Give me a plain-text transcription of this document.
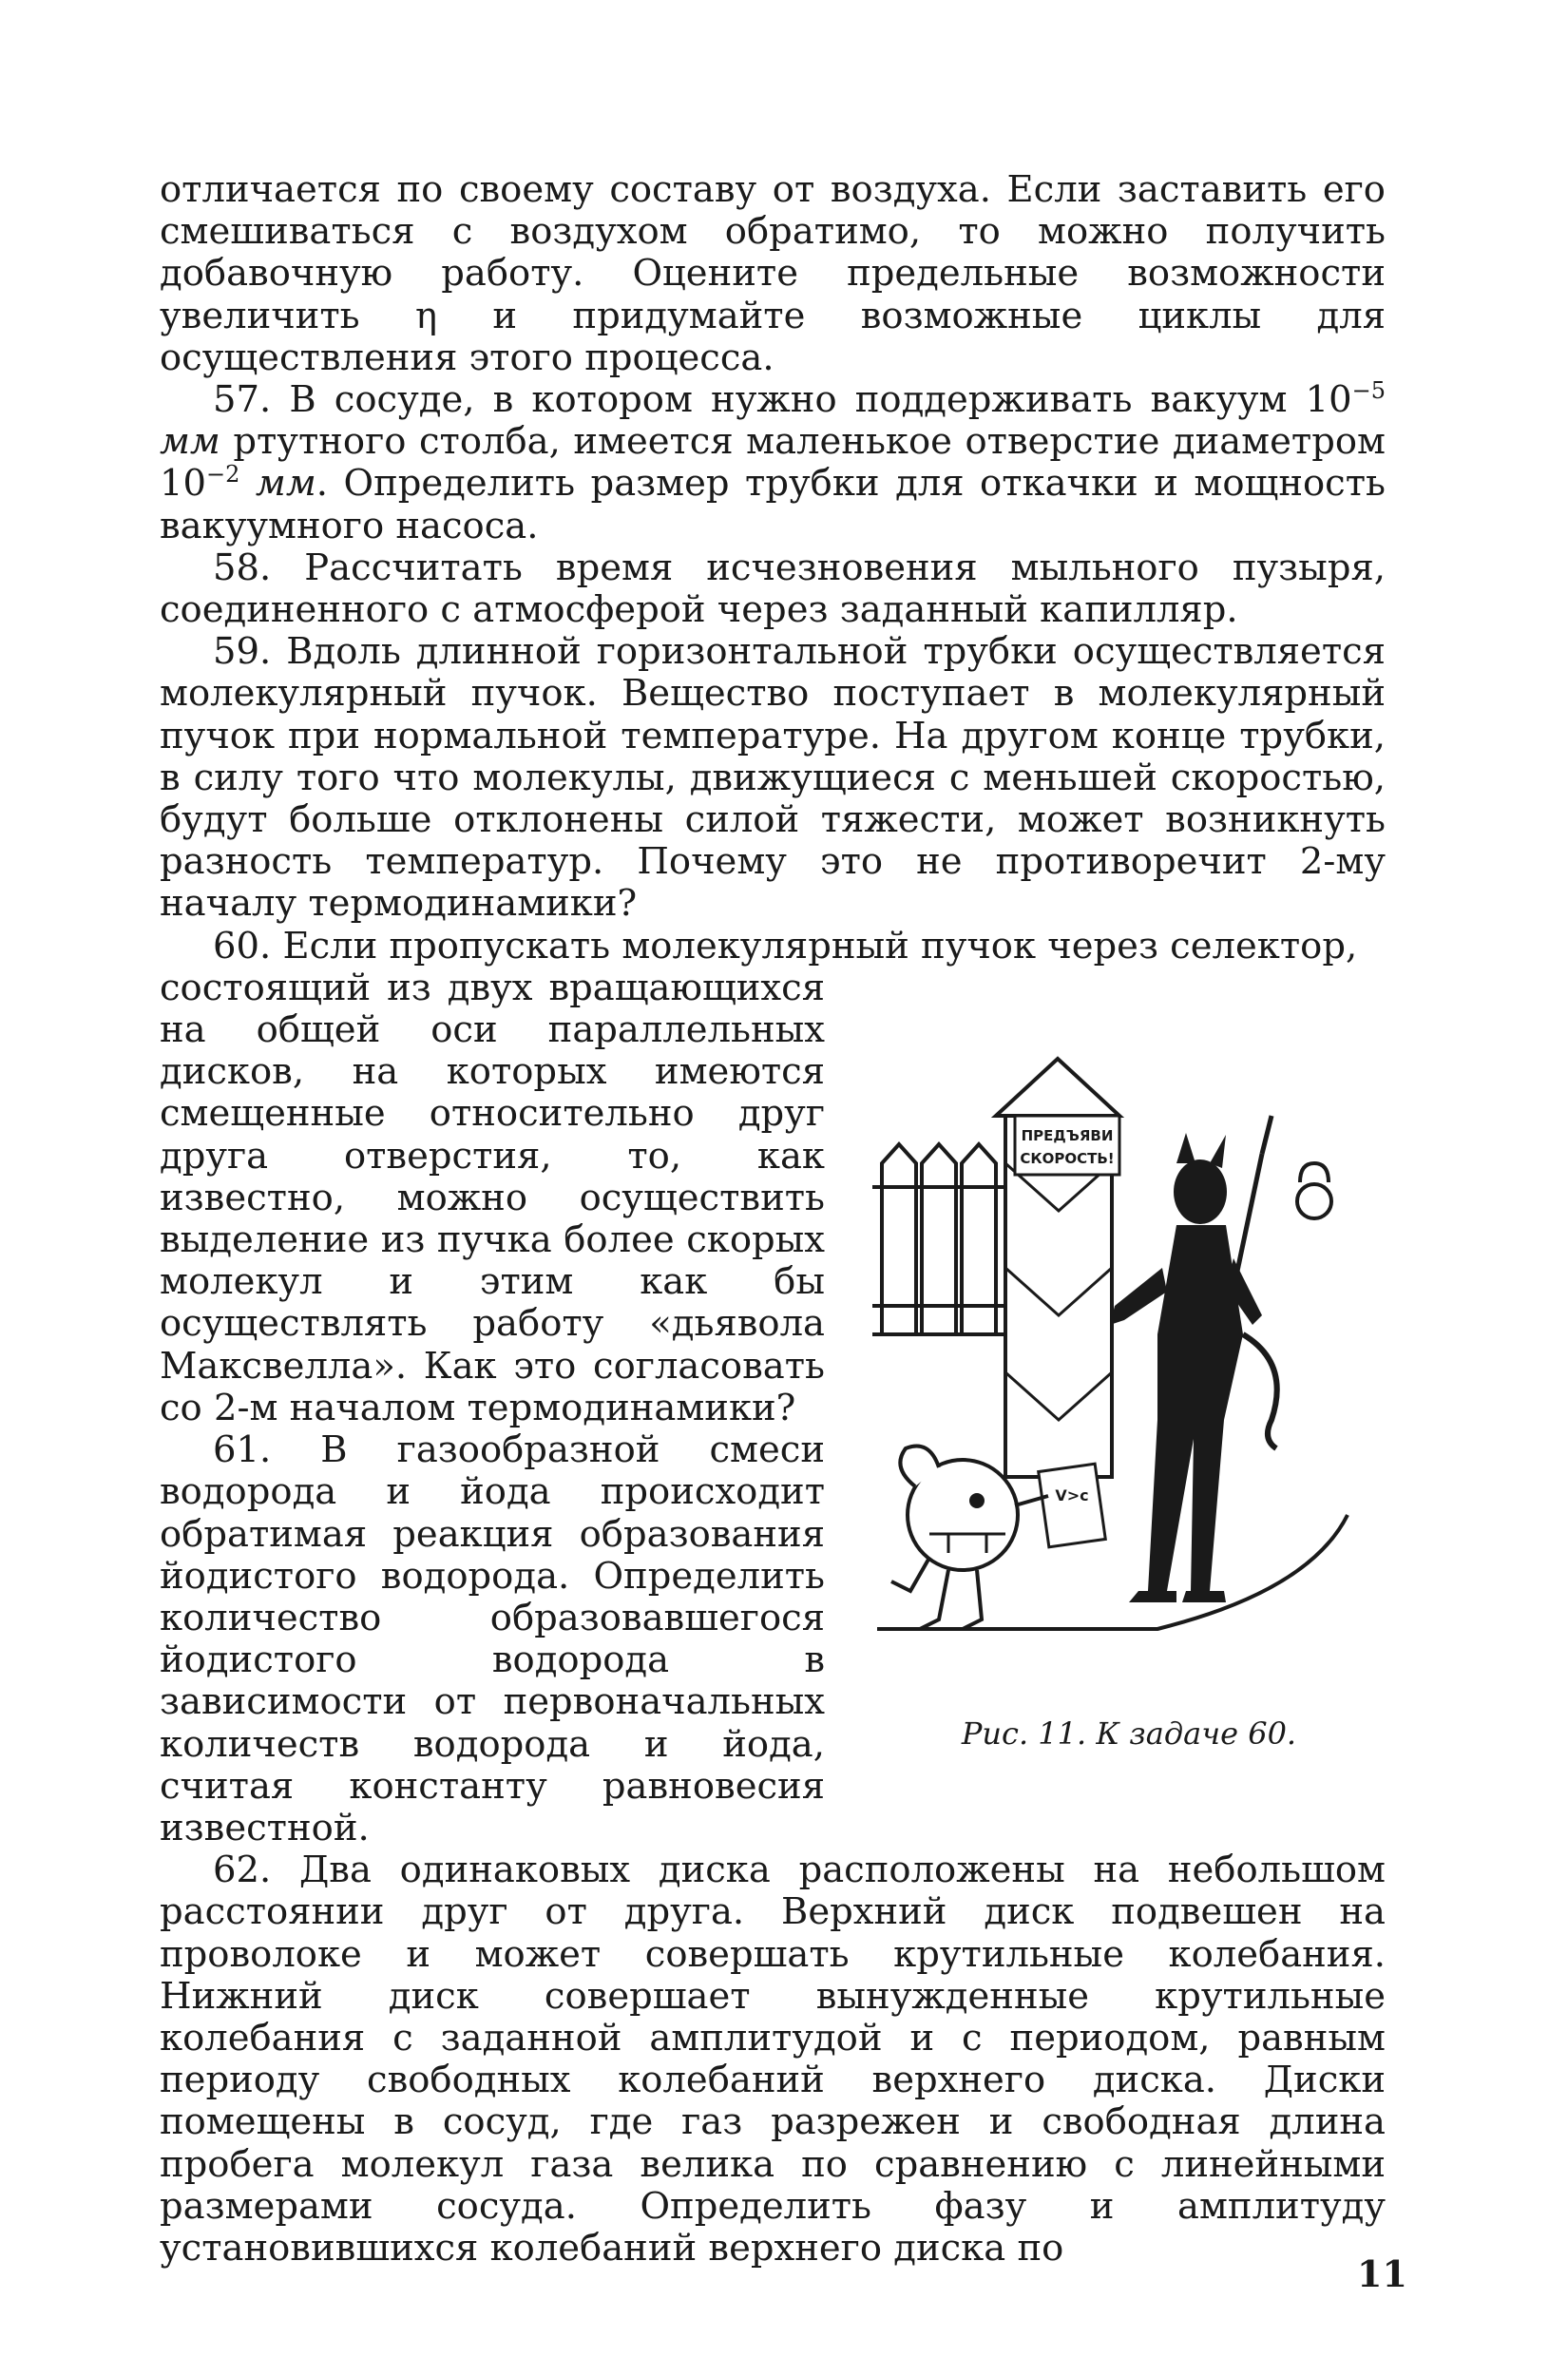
отличается по своему составу от воздуха. Если заставить его смешиваться с воздухом обратимо, то можно получить добавочную работу. Оцените предельные возможности увеличить η и придумайте возможные циклы для осуществления этого процесса.

57. В сосуде, в котором нужно поддерживать вакуум $10^{-5}$ мм ртутного столба, имеется маленькое отверстие диаметром $10^{-2}$ мм. Определить размер трубки для откачки и мощность вакуумного насоса.

58. Рассчитать время исчезновения мыльного пузыря, соединенного с атмосферой через заданный капилляр.

59. Вдоль длинной горизонтальной трубки осуществляется молекулярный пучок. Вещество поступает в молекулярный пучок при нормальной температуре. На другом конце трубки, в силу того что молекулы, движущиеся с меньшей скоростью, будут больше отклонены силой тяжести, может возникнуть разность температур. Почему это не противоречит 2-му началу термодинамики?

60. Если пропускать молекулярный пучок через селектор,

состоящий из двух вращающихся на общей оси параллельных дисков, на которых имеются смещенные относительно друг друга отверстия, то, как известно, можно осуществить выделение из пучка более скорых молекул и этим как бы осуществлять работу «дьявола Максвелла». Как это согласовать со 2-м началом термодинамики?

61. В газообразной смеси водорода и йода происходит обратимая реакция образования йодистого водорода. Определить количество образовавшегося йодистого водорода в зависимости от первоначальных количеств водорода и йода, считая константу равновесия известной.

ПРЕДЪЯВИ
СКОРОСТЬ!
V>c
Рис. 11. К задаче 60.

62. Два одинаковых диска расположены на небольшом расстоянии друг от друга. Верхний диск подвешен на проволоке и может совершать крутильные колебания. Нижний диск совершает вынужденные крутильные колебания с заданной амплитудой и с периодом, равным периоду свободных колебаний верхнего диска. Диски помещены в сосуд, где газ разрежен и свободная длина пробега молекул газа велика по сравнению с линейными размерами сосуда. Определить фазу и амплитуду установившихся колебаний верхнего диска по

11
